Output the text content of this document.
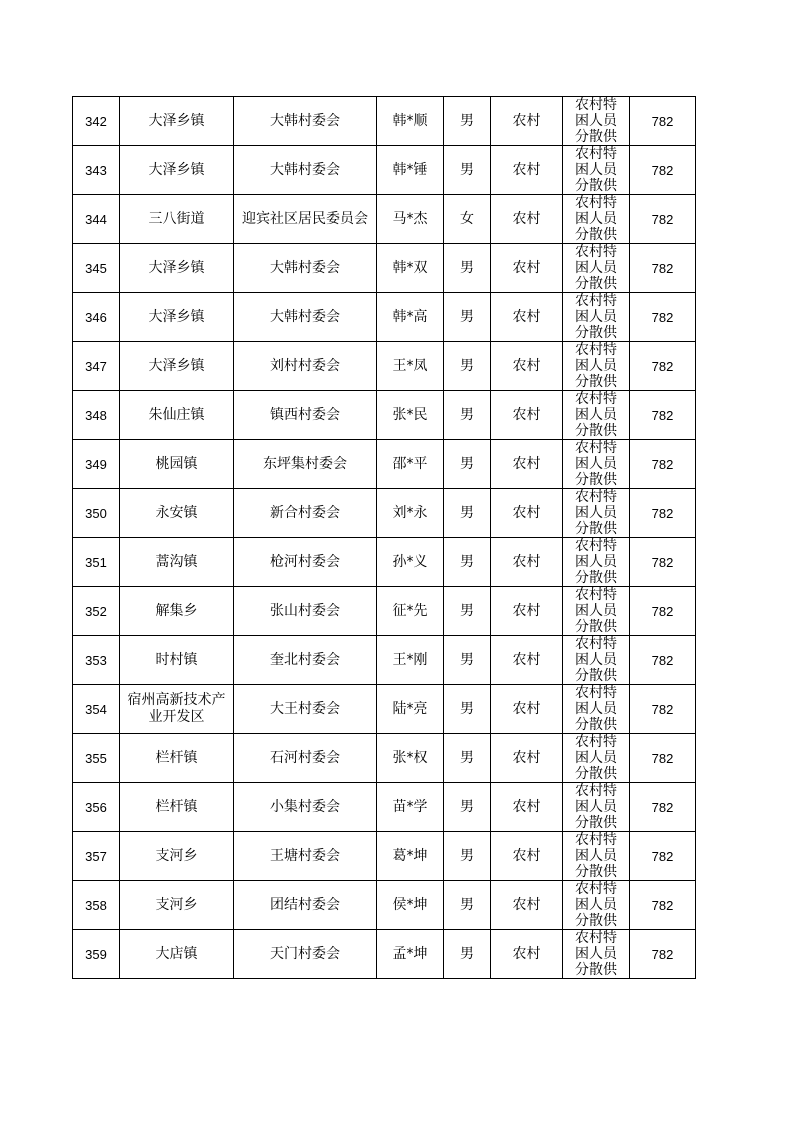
342	大泽乡镇	大韩村委会	韩*顺	男	农村	农村特困人员分散供	782
343	大泽乡镇	大韩村委会	韩*锤	男	农村	农村特困人员分散供	782
344	三八街道	迎宾社区居民委员会	马*杰	女	农村	农村特困人员分散供	782
345	大泽乡镇	大韩村委会	韩*双	男	农村	农村特困人员分散供	782
346	大泽乡镇	大韩村委会	韩*高	男	农村	农村特困人员分散供	782
347	大泽乡镇	刘村村委会	王*凤	男	农村	农村特困人员分散供	782
348	朱仙庄镇	镇西村委会	张*民	男	农村	农村特困人员分散供	782
349	桃园镇	东坪集村委会	邵*平	男	农村	农村特困人员分散供	782
350	永安镇	新合村委会	刘*永	男	农村	农村特困人员分散供	782
351	蒿沟镇	枪河村委会	孙*义	男	农村	农村特困人员分散供	782
352	解集乡	张山村委会	征*先	男	农村	农村特困人员分散供	782
353	时村镇	奎北村委会	王*刚	男	农村	农村特困人员分散供	782
354	宿州高新技术产业开发区	大王村委会	陆*亮	男	农村	农村特困人员分散供	782
355	栏杆镇	石河村委会	张*权	男	农村	农村特困人员分散供	782
356	栏杆镇	小集村委会	苗*学	男	农村	农村特困人员分散供	782
357	支河乡	王塘村委会	葛*坤	男	农村	农村特困人员分散供	782
358	支河乡	团结村委会	侯*坤	男	农村	农村特困人员分散供	782
359	大店镇	天门村委会	孟*坤	男	农村	农村特困人员分散供	782
